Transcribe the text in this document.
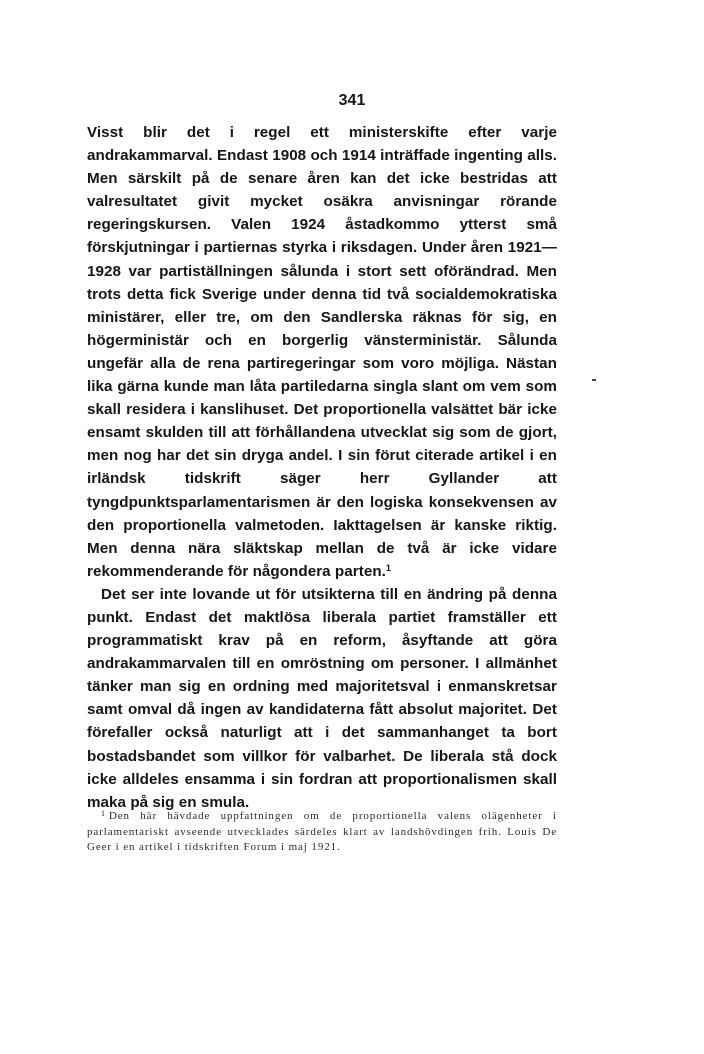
341

Visst blir det i regel ett ministerskifte efter varje andrakammarval. Endast 1908 och 1914 inträffade ingenting alls. Men särskilt på de senare åren kan det icke bestridas att valresultatet givit mycket osäkra anvisningar rörande regeringskursen. Valen 1924 åstadkommo ytterst små förskjutningar i partiernas styrka i riksdagen. Under åren 1921—1928 var partiställningen sålunda i stort sett oförändrad. Men trots detta fick Sverige under denna tid två socialdemokratiska ministärer, eller tre, om den Sandlerska räknas för sig, en högerministär och en borgerlig vänsterministär. Sålunda ungefär alla de rena partiregeringar som voro möjliga. Nästan lika gärna kunde man låta partiledarna singla slant om vem som skall residera i kanslihuset. Det proportionella valsättet bär icke ensamt skulden till att förhållandena utvecklat sig som de gjort, men nog har det sin dryga andel. I sin förut citerade artikel i en irländsk tidskrift säger herr Gyllander att tyngdpunktsparlamentarismen är den logiska konsekvensen av den proportionella valmetoden. Iakttagelsen är kanske riktig. Men denna nära släktskap mellan de två är icke vidare rekommenderande för någondera parten.$^1$

Det ser inte lovande ut för utsikterna till en ändring på denna punkt. Endast det maktlösa liberala partiet framställer ett programmatiskt krav på en reform, åsyftande att göra andrakammarvalen till en omröstning om personer. I allmänhet tänker man sig en ordning med majoritetsval i enmanskretsar samt omval då ingen av kandidaterna fått absolut majoritet. Det förefaller också naturligt att i det sammanhanget ta bort bostadsbandet som villkor för valbarhet. De liberala stå dock icke alldeles ensamma i sin fordran att proportionalismen skall maka på sig en smula.

$^1$ Den här hävdade uppfattningen om de proportionella valens olägenheter i parlamentariskt avseende utvecklades särdeles klart av landshövdingen frih. Louis De Geer i en artikel i tidskriften Forum i maj 1921.
